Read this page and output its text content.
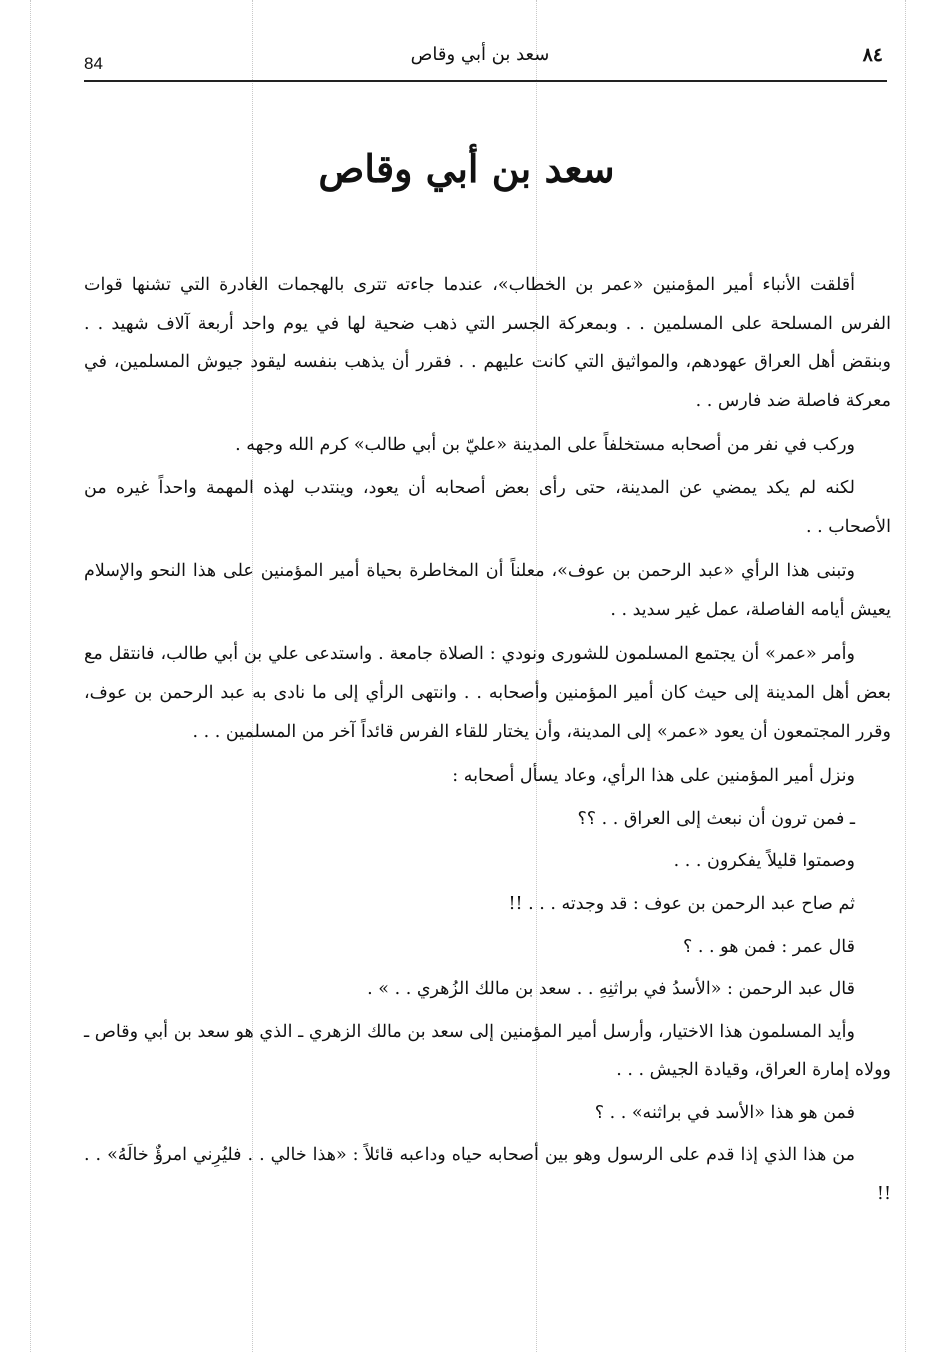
84	سعد بن أبي وقاص	٨٤
سعد بن أبي وقاص

أقلقت الأنباء أمير المؤمنين «عمر بن الخطاب»، عندما جاءته تترى بالهجمات الغادرة التي تشنها قوات الفرس المسلحة على المسلمين . . وبمعركة الجسر التي ذهب ضحية لها في يوم واحد أربعة آلاف شهيد . . وبنقض أهل العراق عهودهم، والمواثيق التي كانت عليهم . . فقرر أن يذهب بنفسه ليقود جيوش المسلمين، في معركة فاصلة ضد فارس . .

وركب في نفر من أصحابه مستخلفاً على المدينة «عليّ بن أبي طالب» كرم الله وجهه .

لكنه لم يكد يمضي عن المدينة، حتى رأى بعض أصحابه أن يعود، وينتدب لهذه المهمة واحداً غيره من الأصحاب . .

وتبنى هذا الرأي «عبد الرحمن بن عوف»، معلناً أن المخاطرة بحياة أمير المؤمنين على هذا النحو والإسلام يعيش أيامه الفاصلة، عمل غير سديد . .

وأمر «عمر» أن يجتمع المسلمون للشورى ونودي : الصلاة جامعة . واستدعى علي بن أبي طالب، فانتقل مع بعض أهل المدينة إلى حيث كان أمير المؤمنين وأصحابه . . وانتهى الرأي إلى ما نادى به عبد الرحمن بن عوف، وقرر المجتمعون أن يعود «عمر» إلى المدينة، وأن يختار للقاء الفرس قائداً آخر من المسلمين . . .

ونزل أمير المؤمنين على هذا الرأي، وعاد يسأل أصحابه :

ـ فمن ترون أن نبعث إلى العراق . . ؟؟

وصمتوا قليلاً يفكرون . . .

ثم صاح عبد الرحمن بن عوف : قد وجدته . . . !!

قال عمر : فمن هو . . ؟

قال عبد الرحمن : «الأسدُ في براثنِهِ . . سعد بن مالك الزُهري . . » .

وأيد المسلمون هذا الاختيار، وأرسل أمير المؤمنين إلى سعد بن مالك الزهري ـ الذي هو سعد بن أبي وقاص ـ وولاه إمارة العراق، وقيادة الجيش . . .

فمن هو هذا «الأسد في براثنه» . . ؟

من هذا الذي إذا قدم على الرسول وهو بين أصحابه حياه وداعبه قائلاً : «هذا خالي . . فليُرِني امرؤٌ خالَهُ» . . !!
